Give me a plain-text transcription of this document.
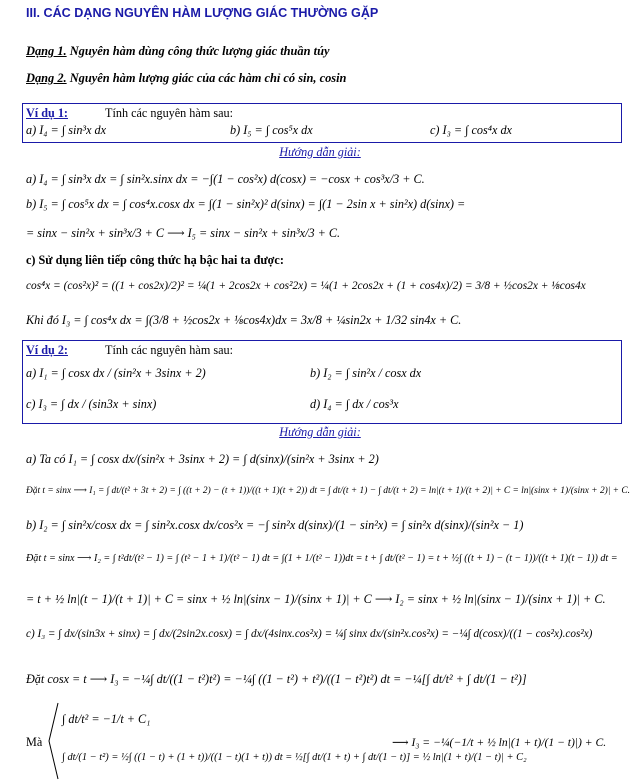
III. CÁC DẠNG NGUYÊN HÀM LƯỢNG GIÁC THƯỜNG GẶP
Dạng 1. Nguyên hàm dùng công thức lượng giác thuần túy
Dạng 2. Nguyên hàm lượng giác của các hàm chỉ có sin, cosin
Ví dụ 1:	Tính các nguyên hàm sau:
a) I₄ = ∫ sin³x dx	b) I₅ = ∫ cos⁵x dx	c) I₃ = ∫ cos⁴x dx
Hướng dẫn giải:
a) I₄ = ∫ sin³x dx = ∫ sin²x.sinx dx = −∫(1 − cos²x) d(cosx) = −cosx + cos³x/3 + C.
b) I₅ = ∫ cos⁵x dx = ∫ cos⁴x.cosx dx = ∫(1 − sin²x)² d(sinx) = ∫(1 − 2sin x + sin²x) d(sinx) =
= sinx − sin²x + sin³x/3 + C ⟶ I₅ = sinx − sin²x + sin³x/3 + C.
c) Sử dụng liên tiếp công thức hạ bậc hai ta được:
cos⁴x = (cos²x)² = ((1 + cos2x)/2)² = ¼(1 + 2cos2x + cos²2x) = ¼(1 + 2cos2x + (1 + cos4x)/2) = 3/8 + ½cos2x + ⅛cos4x
Khi đó I₃ = ∫ cos⁴x dx = ∫(3/8 + ½cos2x + ⅛cos4x)dx = 3x/8 + ¼sin2x + 1/32 sin4x + C.
Ví dụ 2:	Tính các nguyên hàm sau:
a) I₁ = ∫ cosx dx / (sin²x + 3sinx + 2)	b) I₂ = ∫ sin²x / cosx dx
c) I₃ = ∫ dx / (sin3x + sinx)	d) I₄ = ∫ dx / cos³x
Hướng dẫn giải:
a) Ta có I₁ = ∫ cosx dx/(sin²x + 3sinx + 2) = ∫ d(sinx)/(sin²x + 3sinx + 2)
Đặt t = sinx ⟶ I₁ = ∫ dt/(t² + 3t + 2) = ∫ ((t + 2) − (t + 1))/((t + 1)(t + 2)) dt = ∫ dt/(t + 1) − ∫ dt/(t + 2) = ln|(t + 1)/(t + 2)| + C = ln|(sinx + 1)/(sinx + 2)| + C.
b) I₂ = ∫ sin²x/cosx dx = ∫ sin²x.cosx dx/cos²x = −∫ sin²x d(sinx)/(1 − sin²x) = ∫ sin²x d(sinx)/(sin²x − 1)
Đặt t = sinx ⟶ I₂ = ∫ t²dt/(t² − 1) = ∫ (t² − 1 + 1)/(t² − 1) dt = ∫(1 + 1/(t² − 1))dt = t + ∫ dt/(t² − 1) = t + ½∫ ((t + 1) − (t − 1))/((t + 1)(t − 1)) dt =
= t + ½ ln|(t − 1)/(t + 1)| + C = sinx + ½ ln|(sinx − 1)/(sinx + 1)| + C ⟶ I₂ = sinx + ½ ln|(sinx − 1)/(sinx + 1)| + C.
c) I₃ = ∫ dx/(sin3x + sinx) = ∫ dx/(2sin2x.cosx) = ∫ dx/(4sinx.cos²x) = ¼∫ sinx dx/(sin²x.cos²x) = −¼∫ d(cosx)/((1 − cos²x).cos²x)
Đặt cosx = t ⟶ I₃ = −¼∫ dt/((1 − t²)t²) = −¼∫ ((1 − t²) + t²)/((1 − t²)t²) dt = −¼[∫ dt/t² + ∫ dt/(1 − t²)]
Mà
∫ dt/t² = −1/t + C₁
∫ dt/(1 − t²) = ½∫ ((1 − t) + (1 + t))/((1 − t)(1 + t)) dt = ½[∫ dt/(1 + t) + ∫ dt/(1 − t)] = ½ ln|(1 + t)/(1 − t)| + C₂
⟶ I₃ = −¼(−1/t + ½ ln|(1 + t)/(1 − t)|) + C.
